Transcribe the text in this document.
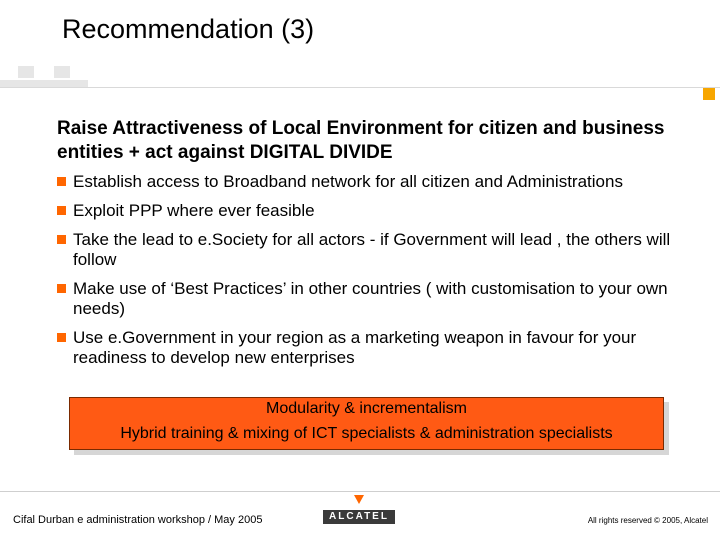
Recommendation (3)
Page 65
Raise Attractiveness of Local Environment for citizen and business entities + act against DIGITAL DIVIDE
Establish access to Broadband network for all citizen and Administrations
Exploit PPP where ever feasible
Take the lead to e.Society for all actors - if Government will lead , the others will follow
Make use of ‘Best Practices’ in other countries ( with customisation to your own needs)
Use e.Government in your region as a marketing weapon in favour for your readiness to develop new enterprises
Modularity & incrementalism
Hybrid training & mixing of ICT specialists & administration specialists
Cifal Durban e administration workshop / May 2005	ALCATEL	All rights reserved © 2005, Alcatel
